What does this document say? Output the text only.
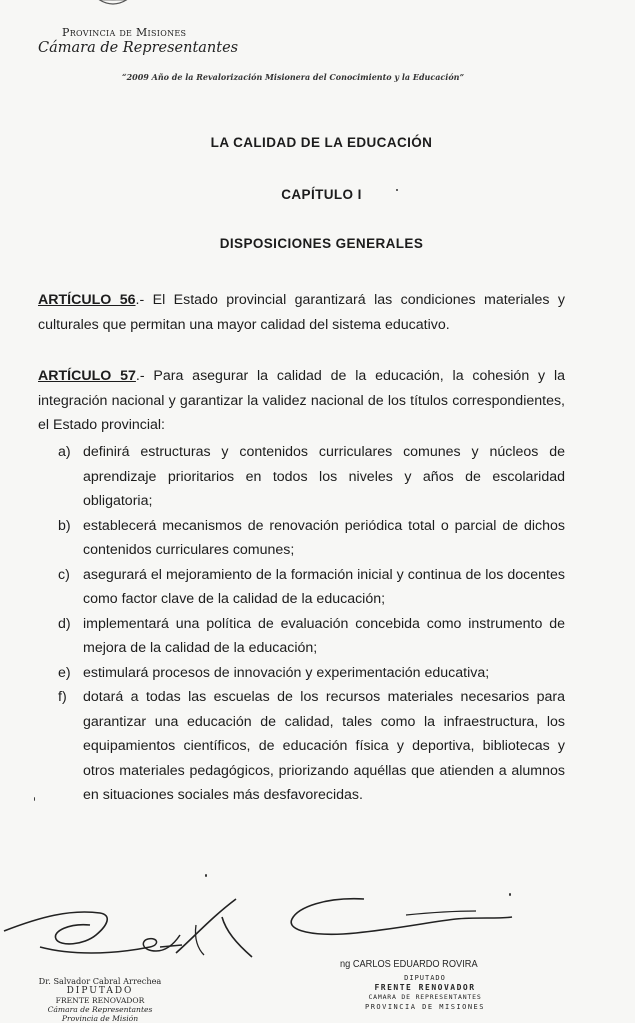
Provincia de Misiones
Cámara de Representantes
“2009 Año de la Revalorización Misionera del Conocimiento y la Educación”
LA CALIDAD DE LA EDUCACIÓN
CAPÍTULO I
DISPOSICIONES GENERALES
ARTÍCULO 56.- El Estado provincial garantizará las condiciones materiales y culturales que permitan una mayor calidad del sistema educativo.
ARTÍCULO 57.- Para asegurar la calidad de la educación, la cohesión y la integración nacional y garantizar la validez nacional de los títulos correspondientes, el Estado provincial:
a) definirá estructuras y contenidos curriculares comunes y núcleos de aprendizaje prioritarios en todos los niveles y años de escolaridad obligatoria;
b) establecerá mecanismos de renovación periódica total o parcial de dichos contenidos curriculares comunes;
c) asegurará el mejoramiento de la formación inicial y continua de los docentes como factor clave de la calidad de la educación;
d) implementará una política de evaluación concebida como instrumento de mejora de la calidad de la educación;
e) estimulará procesos de innovación y experimentación educativa;
f) dotará a todas las escuelas de los recursos materiales necesarios para garantizar una educación de calidad, tales como la infraestructura, los equipamientos científicos, de educación física y deportiva, bibliotecas y otros materiales pedagógicos, priorizando aquéllas que atienden a alumnos en situaciones sociales más desfavorecidas.
Dr. Salvador Cabral Arrechea
DIPUTADO
FRENTE RENOVADOR
Cámara de Representantes
Provincia de Misión
ng CARLOS EDUARDO ROVIRA
DIPUTADO
FRENTE RENOVADOR
CAMARA DE REPRESENTANTES
PROVINCIA DE MISIONES
